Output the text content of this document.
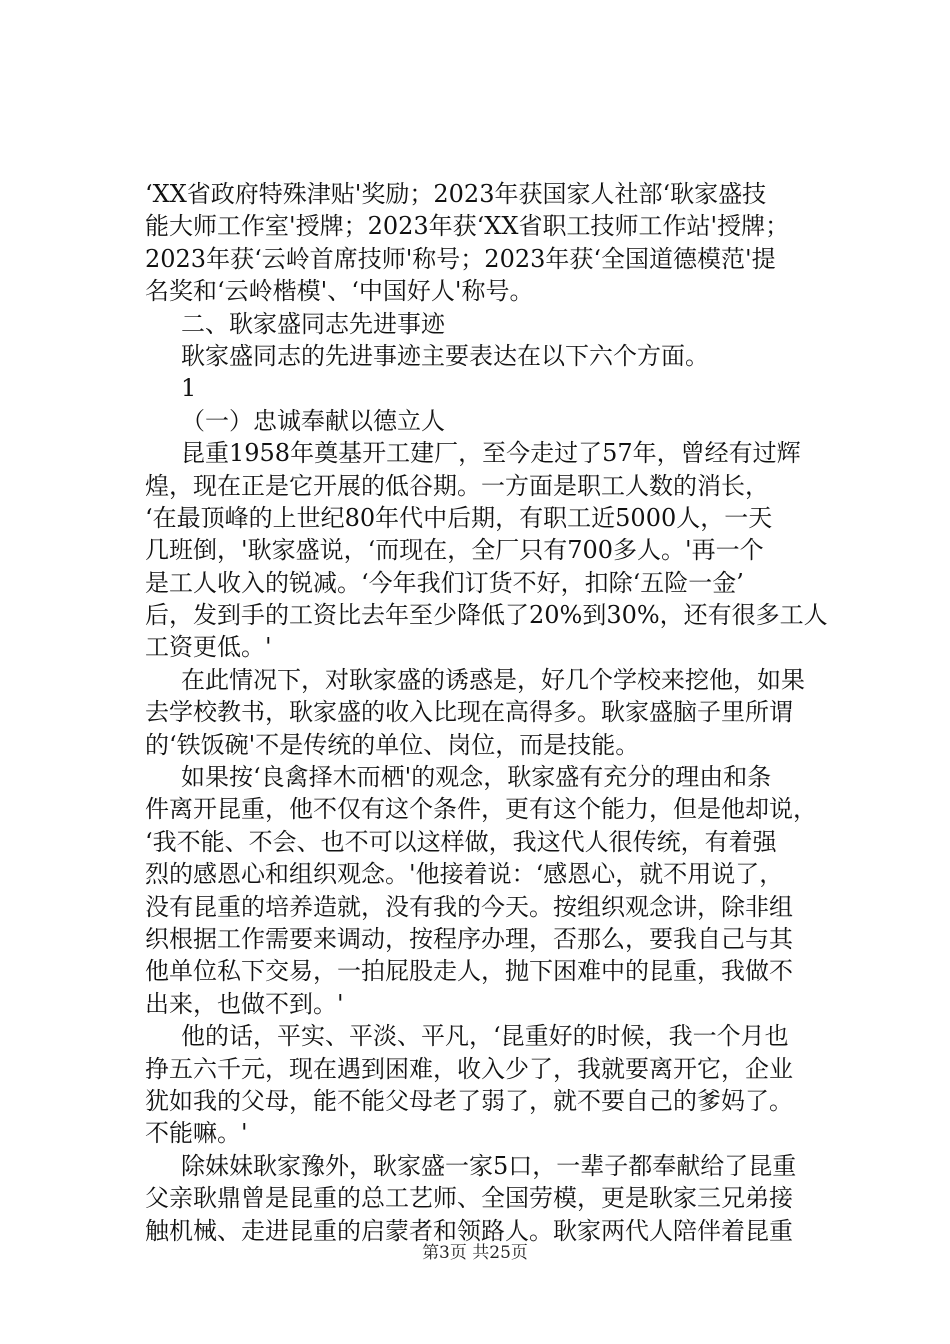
‘XX省政府特殊津贴'奖励；2023年获国家人社部‘耿家盛技
能大师工作室'授牌；2023年获‘XX省职工技师工作站'授牌；
2023年获‘云岭首席技师'称号；2023年获‘全国道德模范'提
名奖和‘云岭楷模'、‘中国好人'称号。
二、耿家盛同志先进事迹
耿家盛同志的先进事迹主要表达在以下六个方面。
1
（一）忠诚奉献以德立人
昆重1958年奠基开工建厂，至今走过了57年，曾经有过辉
煌，现在正是它开展的低谷期。一方面是职工人数的消长，
‘在最顶峰的上世纪80年代中后期，有职工近5000人，一天
几班倒，'耿家盛说，‘而现在，全厂只有700多人。'再一个
是工人收入的锐减。‘今年我们订货不好，扣除‘五险一金’
后，发到手的工资比去年至少降低了20%到30%，还有很多工人
工资更低。'
在此情况下，对耿家盛的诱惑是，好几个学校来挖他，如果
去学校教书，耿家盛的收入比现在高得多。耿家盛脑子里所谓
的‘铁饭碗'不是传统的单位、岗位，而是技能。
如果按‘良禽择木而栖'的观念，耿家盛有充分的理由和条
件离开昆重，他不仅有这个条件，更有这个能力，但是他却说，
‘我不能、不会、也不可以这样做，我这代人很传统，有着强
烈的感恩心和组织观念。'他接着说：‘感恩心，就不用说了，
没有昆重的培养造就，没有我的今天。按组织观念讲，除非组
织根据工作需要来调动，按程序办理，否那么，要我自己与其
他单位私下交易，一拍屁股走人，抛下困难中的昆重，我做不
出来，也做不到。'
他的话，平实、平淡、平凡，‘昆重好的时候，我一个月也
挣五六千元，现在遇到困难，收入少了，我就要离开它，企业
犹如我的父母，能不能父母老了弱了，就不要自己的爹妈了。
不能嘛。'
除妹妹耿家豫外，耿家盛一家5口，一辈子都奉献给了昆重
父亲耿鼎曾是昆重的总工艺师、全国劳模，更是耿家三兄弟接
触机械、走进昆重的启蒙者和领路人。耿家两代人陪伴着昆重
第3页 共25页
